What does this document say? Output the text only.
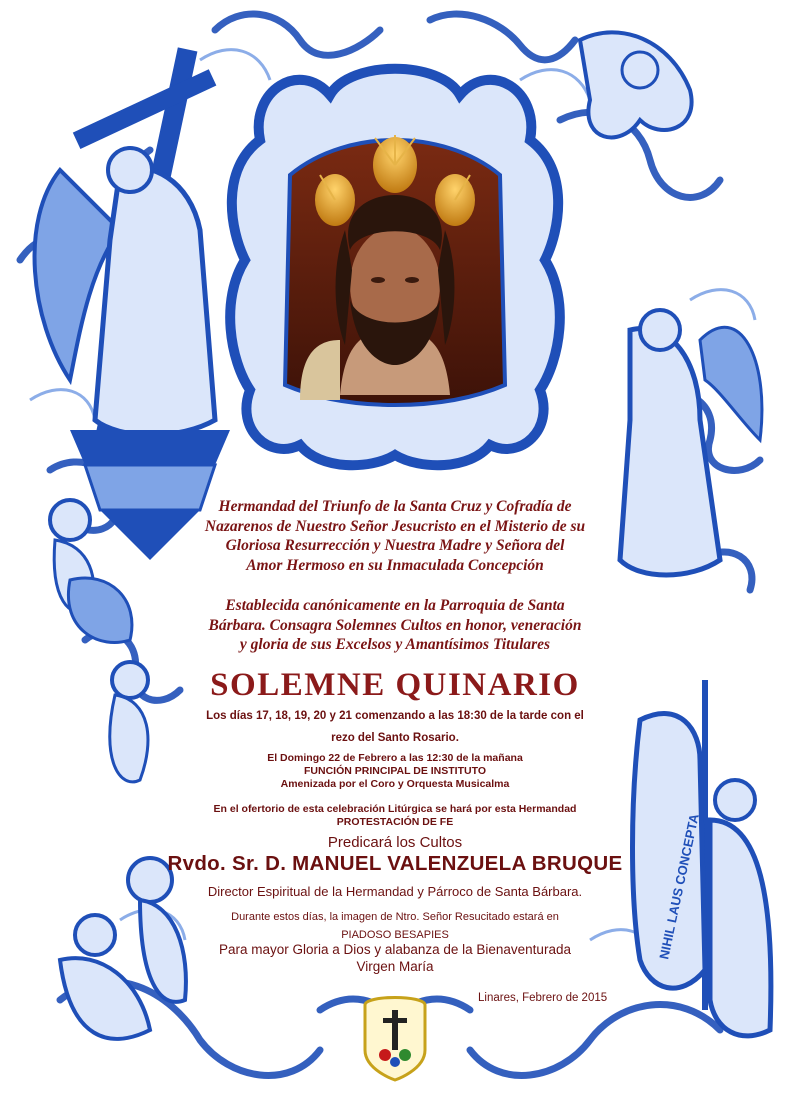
NIHIL LAUS CONCEPTA
Hermandad del Triunfo de la Santa Cruz y Cofradía de
Nazarenos de Nuestro Señor Jesucristo en el Misterio de su
Gloriosa Resurrección y Nuestra Madre y Señora del
Amor Hermoso en su Inmaculada Concepción
Establecida canónicamente en la Parroquia de Santa
Bárbara. Consagra Solemnes Cultos en honor, veneración
y gloria de sus Excelsos y Amantísimos Titulares
SOLEMNE QUINARIO
Los días 17, 18, 19, 20 y 21 comenzando a las 18:30 de la tarde con el
rezo del Santo Rosario.
El Domingo 22 de Febrero a las 12:30 de la mañana
FUNCIÓN PRINCIPAL DE INSTITUTO
Amenizada por el Coro y Orquesta Musicalma
En el ofertorio de esta celebración Litúrgica se hará por esta Hermandad
PROTESTACIÓN DE FE
Predicará los Cultos
Rvdo. Sr. D. MANUEL VALENZUELA BRUQUE
Director Espiritual de la Hermandad y Párroco de Santa Bárbara.
Durante estos días, la imagen de Ntro. Señor Resucitado estará en
PIADOSO BESAPIES
Para mayor Gloria a Dios y alabanza de la Bienaventurada
Virgen María
Linares, Febrero de 2015
